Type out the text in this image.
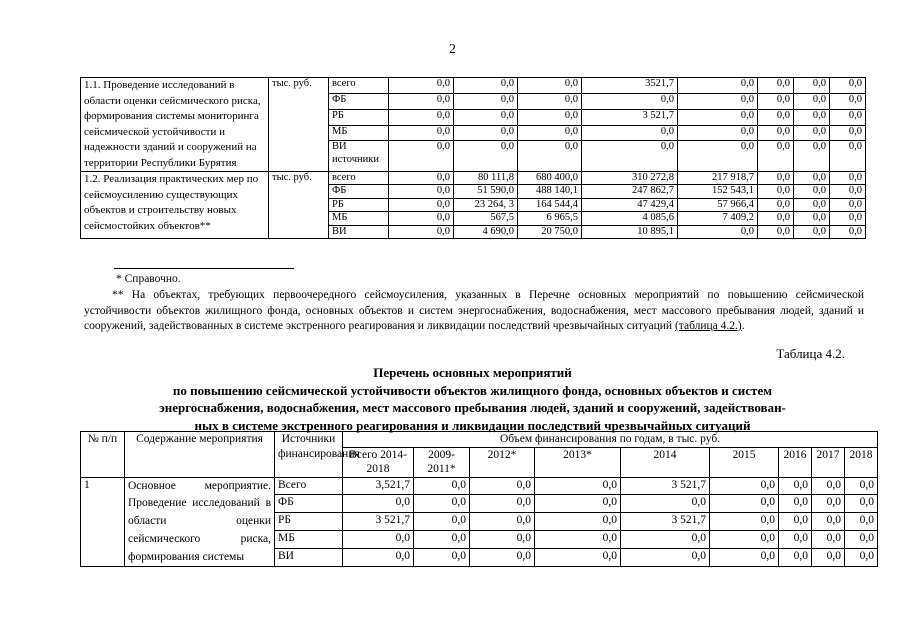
2
1.1. Проведение исследований в области оценки сейсмического риска, формирования системы мониторинга сейсмической устойчивости и надежности зданий и сооружений на территории Республики Бурятия	тыс. руб.	всего	0,0	0,0	0,0	3521,7	0,0	0,0	0,0	0,0
		ФБ	0,0	0,0	0,0	0,0	0,0	0,0	0,0	0,0
		РБ	0,0	0,0	0,0	3 521,7	0,0	0,0	0,0	0,0
		МБ	0,0	0,0	0,0	0,0	0,0	0,0	0,0	0,0
		ВИ источники	0,0	0,0	0,0	0,0	0,0	0,0	0,0	0,0
1.2. Реализация практических мер по сейсмоусилению существующих объектов и строительству новых сейсмостойких объектов**	тыс. руб.	всего	0,0	80 111,8	680 400,0	310 272,8	217 918,7	0,0	0,0	0,0
		ФБ	0,0	51 590,0	488 140,1	247 862,7	152 543,1	0,0	0,0	0,0
		РБ	0,0	23 264, 3	164 544,4	47 429,4	57 966,4	0,0	0,0	0,0
		МБ	0,0	567,5	6 965,5	4 085,6	7 409,2	0,0	0,0	0,0
		ВИ	0,0	4 690,0	20 750,0	10 895,1	0,0	0,0	0,0	0,0
* Справочно.

** На объектах, требующих первоочередного сейсмоусиления, указанных в Перечне основных мероприятий по повышению сейсмической устойчивости объектов жилищного фонда, основных объектов и систем энергоснабжения, водоснабжения, мест массового пребывания людей, зданий и сооружений, задействованных в системе экстренного реагирования и ликвидации последствий чрезвычайных ситуаций (таблица 4.2.).

Таблица 4.2.
Перечень основных мероприятий
по повышению сейсмической устойчивости объектов жилищного фонда, основных объектов и систем
энергоснабжения, водоснабжения, мест массового пребывания людей, зданий и сооружений, задействован-
ных в системе экстренного реагирования и ликвидации последствий чрезвычайных ситуаций
№ п/п	Содержание мероприятия	Источники финансирования	Объем финансирования по годам, в тыс. руб.								
			Всего 2014-2018	2009-2011*	2012*	2013*	2014	2015	2016	2017	2018
1	Основное мероприятие. Проведение исследований в области оценки сейсмического риска, формирования системы	Всего	3,521,7	0,0	0,0	0,0	3 521,7	0,0	0,0	0,0	0,0
		ФБ	0,0	0,0	0,0	0,0	0,0	0,0	0,0	0,0	0,0
		РБ	3 521,7	0,0	0,0	0,0	3 521,7	0,0	0,0	0,0	0,0
		МБ	0,0	0,0	0,0	0,0	0,0	0,0	0,0	0,0	0,0
		ВИ	0,0	0,0	0,0	0,0	0,0	0,0	0,0	0,0	0,0
